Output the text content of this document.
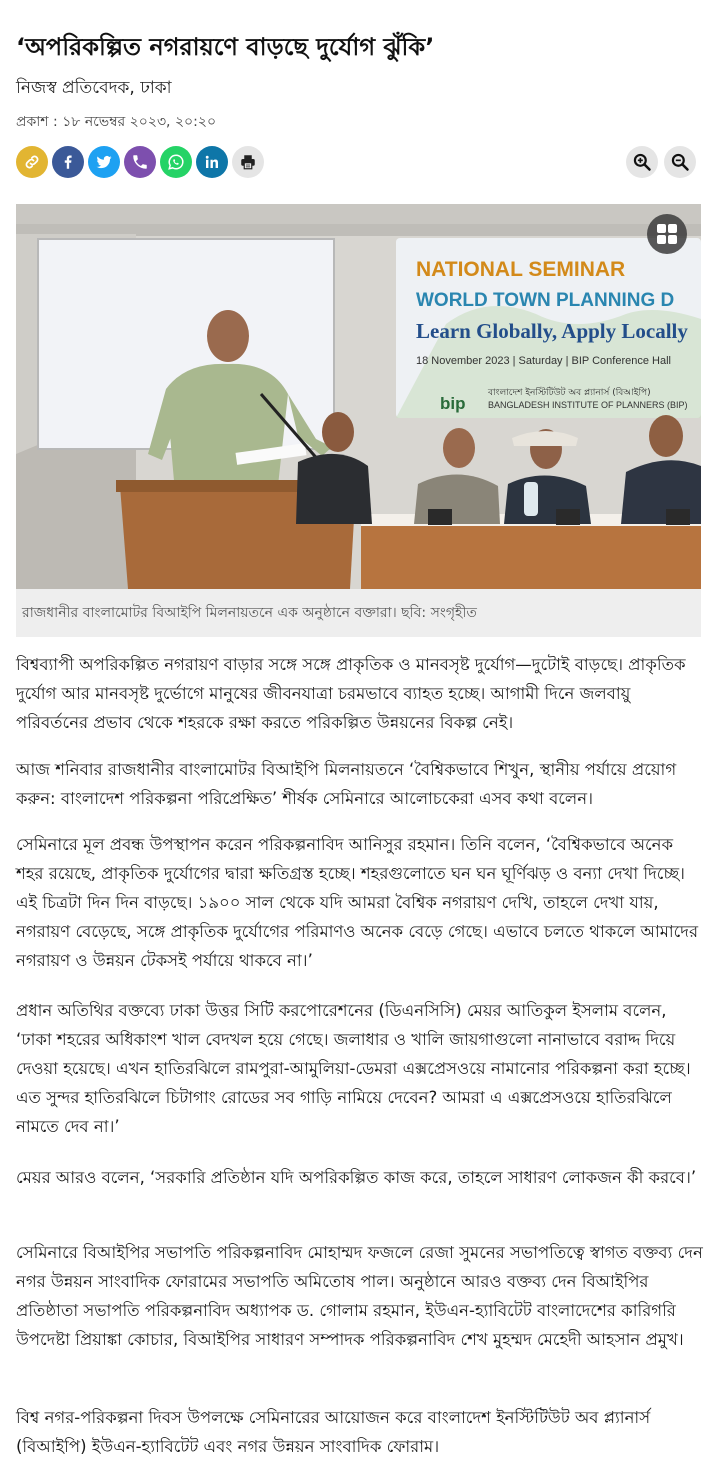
‘অপরিকল্পিত নগরায়ণে বাড়ছে দুর্যোগ ঝুঁকি’
নিজস্ব প্রতিবেদক, ঢাকা
প্রকাশ : ১৮ নভেম্বর ২০২৩, ২০:২০
NATIONAL SEMINAR
WORLD TOWN PLANNING D
Learn Globally, Apply Locally
18 November 2023 | Saturday | BIP Conference Hall
bip
বাংলাদেশ ইনস্টিটিউট অব প্ল্যানার্স (বিআইপি)
BANGLADESH INSTITUTE OF PLANNERS (BIP)
রাজধানীর বাংলামোটর বিআইপি মিলনায়তনে এক অনুষ্ঠানে বক্তারা। ছবি: সংগৃহীত

বিশ্বব্যাপী অপরিকল্পিত নগরায়ণ বাড়ার সঙ্গে সঙ্গে প্রাকৃতিক ও মানবসৃষ্ট দুর্যোগ—দুটোই বাড়ছে। প্রাকৃতিক দুর্যোগ আর মানবসৃষ্ট দুর্ভোগে মানুষের জীবনযাত্রা চরমভাবে ব্যাহত হচ্ছে। আগামী দিনে জলবায়ু পরিবর্তনের প্রভাব থেকে শহরকে রক্ষা করতে পরিকল্পিত উন্নয়নের বিকল্প নেই।

আজ শনিবার রাজধানীর বাংলামোটর বিআইপি মিলনায়তনে ‘বৈশ্বিকভাবে শিখুন, স্থানীয় পর্যায়ে প্রয়োগ করুন: বাংলাদেশ পরিকল্পনা পরিপ্রেক্ষিত’ শীর্ষক সেমিনারে আলোচকেরা এসব কথা বলেন।

সেমিনারে মূল প্রবন্ধ উপস্থাপন করেন পরিকল্পনাবিদ আনিসুর রহমান। তিনি বলেন, ‘বৈশ্বিকভাবে অনেক শহর রয়েছে, প্রাকৃতিক দুর্যোগের দ্বারা ক্ষতিগ্রস্ত হচ্ছে। শহরগুলোতে ঘন ঘন ঘূর্ণিঝড় ও বন্যা দেখা দিচ্ছে। এই চিত্রটা দিন দিন বাড়ছে। ১৯০০ সাল থেকে যদি আমরা বৈশ্বিক নগরায়ণ দেখি, তাহলে দেখা যায়, নগরায়ণ বেড়েছে, সঙ্গে প্রাকৃতিক দুর্যোগের পরিমাণও অনেক বেড়ে গেছে। এভাবে চলতে থাকলে আমাদের নগরায়ণ ও উন্নয়ন টেকসই পর্যায়ে থাকবে না।’

প্রধান অতিথির বক্তব্যে ঢাকা উত্তর সিটি করপোরেশনের (ডিএনসিসি) মেয়র আতিকুল ইসলাম বলেন, ‘ঢাকা শহরের অধিকাংশ খাল বেদখল হয়ে গেছে। জলাধার ও খালি জায়গাগুলো নানাভাবে বরাদ্দ দিয়ে দেওয়া হয়েছে। এখন হাতিরঝিলে রামপুরা-আমুলিয়া-ডেমরা এক্সপ্রেসওয়ে নামানোর পরিকল্পনা করা হচ্ছে। এত সুন্দর হাতিরঝিলে চিটাগাং রোডের সব গাড়ি নামিয়ে দেবেন? আমরা এ এক্সপ্রেসওয়ে হাতিরঝিলে নামতে দেব না।’

মেয়র আরও বলেন, ‘সরকারি প্রতিষ্ঠান যদি অপরিকল্পিত কাজ করে, তাহলে সাধারণ লোকজন কী করবে।’

সেমিনারে বিআইপির সভাপতি পরিকল্পনাবিদ মোহাম্মদ ফজলে রেজা সুমনের সভাপতিত্বে স্বাগত বক্তব্য দেন নগর উন্নয়ন সাংবাদিক ফোরামের সভাপতি অমিতোষ পাল। অনুষ্ঠানে আরও বক্তব্য দেন বিআইপির প্রতিষ্ঠাতা সভাপতি পরিকল্পনাবিদ অধ্যাপক ড. গোলাম রহমান, ইউএন-হ্যাবিটেট বাংলাদেশের কারিগরি উপদেষ্টা প্রিয়াঙ্কা কোচার, বিআইপির সাধারণ সম্পাদক পরিকল্পনাবিদ শেখ মুহম্মদ মেহেদী আহসান প্রমুখ।

বিশ্ব নগর-পরিকল্পনা দিবস উপলক্ষে সেমিনারের আয়োজন করে বাংলাদেশ ইনস্টিটিউট অব প্ল্যানার্স (বিআইপি) ইউএন-হ্যাবিটেট এবং নগর উন্নয়ন সাংবাদিক ফোরাম।
